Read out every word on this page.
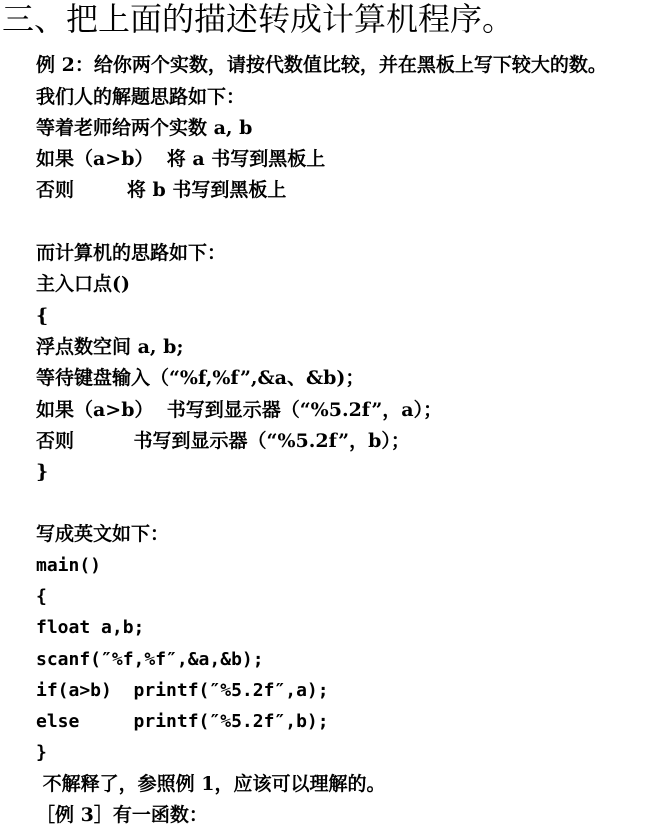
三、把上面的描述转成计算机程序。
例 2：给你两个实数，请按代数值比较，并在黑板上写下较大的数。
我们人的解题思路如下：
等着老师给两个实数 a, b
如果（a>b）  将 a 书写到黑板上
否则        将 b 书写到黑板上
而计算机的思路如下：
主入口点()
{
浮点数空间 a, b;
等待键盘输入（“%f,%f”,&a、&b)；
如果（a>b）  书写到显示器（“%5.2f”，a）；
否则         书写到显示器（“%5.2f”，b）；
}
写成英文如下：
main()
{
float a,b;
scanf(″%f,%f″,&a,&b);
if(a>b)  printf(″%5.2f″,a);
else     printf(″%5.2f″,b);
}
不解释了，参照例 1，应该可以理解的。
［例 3］有一函数：
